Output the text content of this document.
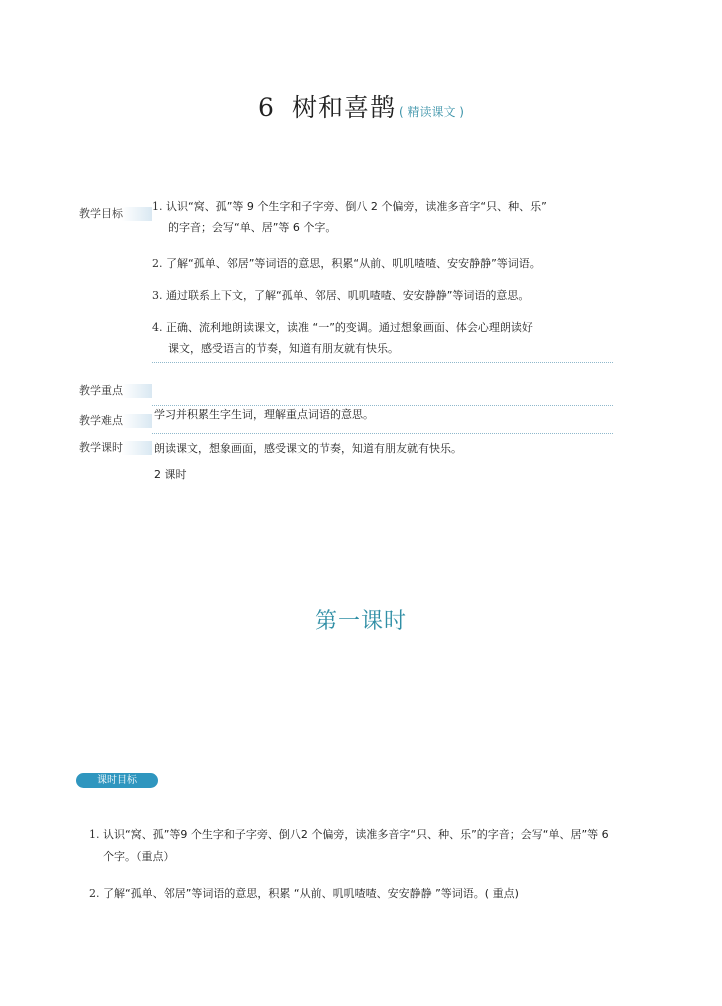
6 树和喜鹊 ( 精读课文 )
教学目标
1. 认识“窝、孤”等 9 个生字和子字旁、倒八 2 个偏旁，读准多音字“只、种、乐”
的字音；会写“单、居”等 6 个字。
2. 了解“孤单、邻居”等词语的意思，积累“从前、叽叽喳喳、安安静静”等词语。
3. 通过联系上下文，了解“孤单、邻居、叽叽喳喳、安安静静”等词语的意思。
4. 正确、流利地朗读课文，读准 “一”的变调。通过想象画面、体会心理朗读好
课文，感受语言的节奏，知道有朋友就有快乐。
教学重点
学习并积累生字生词，理解重点词语的意思。
教学难点
教学课时	朗读课文，想象画面，感受课文的节奏，知道有朋友就有快乐。
2 课时
第一课时
课时目标
1. 认识“窝、孤”等9 个生字和子字旁、倒八2 个偏旁，读准多音字“只、种、乐”的字音；会写“单、居”等 6
个字。（重点）
2. 了解“孤单、邻居”等词语的意思，积累 “从前、叽叽喳喳、安安静静 ”等词语。( 重点)
